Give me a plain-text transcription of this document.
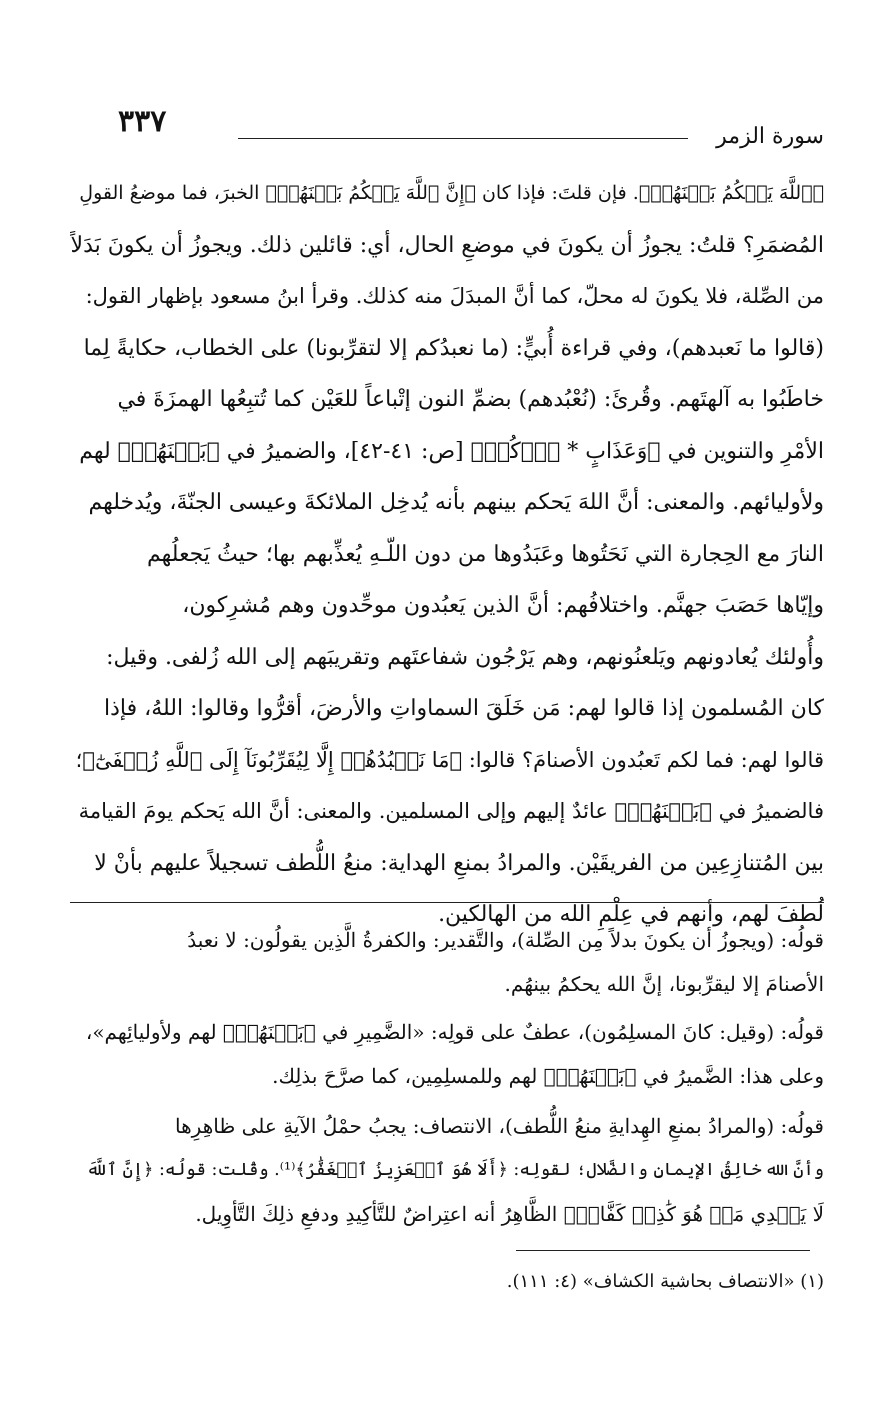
٣٣٧	سورة الزمر
﴿ٱللَّهَ يَحۡكُمُ بَيۡنَهُمۡ﴾. فإن قلتَ: فإذا كان ﴿إِنَّ ٱللَّهَ يَحۡكُمُ بَيۡنَهُمۡ﴾ الخبرَ، فما موضعُ القولِ
المُضمَرِ؟ قلتُ: يجوزُ أن يكونَ في موضعِ الحال، أي: قائلين ذلك. ويجوزُ أن يكونَ بَدَلاً
من الصِّلة، فلا يكونَ له محلّ، كما أنَّ المبدَلَ منه كذلك. وقرأ ابنُ مسعود بإظهار القول:
(قالوا ما نَعبدهم)، وفي قراءة أُبيٍّ: (ما نعبدُكم إلا لتقرِّبونا) على الخطاب، حكايةً لِما
خاطَبُوا به آلهتَهم. وقُرئَ: (نُعْبُدهم) بضمِّ النون إتْباعاً للعَيْن كما تُتبِعُها الهمزَةَ في
الأمْرِ والتنوين في ﴿وَعَذَابٍ * ٱرۡكُضۡ﴾ [ص: ٤١-٤٢]، والضميرُ في ﴿بَيۡنَهُمۡ﴾ لهم
ولأوليائهم. والمعنى: أنَّ اللهَ يَحكم بينهم بأنه يُدخِل الملائكةَ وعيسى الجنّةَ، ويُدخلهم
النارَ مع الحِجارة التي نَحَتُوها وعَبَدُوها من دون اللّـهِ يُعذِّبهم بها؛ حيثُ يَجعلُهم
وإيّاها حَصَبَ جهنَّم. واختلافُهم: أنَّ الذين يَعبُدون موحِّدون وهم مُشرِكون،
وأُولئك يُعادونهم ويَلعنُونهم، وهم يَرْجُون شفاعتَهم وتقريبَهم إلى الله زُلفى. وقيل:
كان المُسلمون إذا قالوا لهم: مَن خَلَقَ السماواتِ والأرضَ، أقرُّوا وقالوا: اللهُ، فإذا
قالوا لهم: فما لكم تَعبُدون الأصنامَ؟ قالوا: ﴿مَا نَعۡبُدُهُمۡ إِلَّا لِيُقَرِّبُونَآ إِلَى ٱللَّهِ زُلۡفَىٰٓ﴾؛
فالضميرُ في ﴿بَيۡنَهُمۡ﴾ عائدٌ إليهم وإلى المسلمين. والمعنى: أنَّ الله يَحكم يومَ القيامة
بين المُتنازِعِين من الفريقَيْن. والمرادُ بمنعِ الهداية: منعُ اللُّطف تسجيلاً عليهم بأنْ لا
لُطفَ لهم، وأنهم في عِلْمِ الله من الهالكين.
قولُه: (ويجوزُ أن يكونَ بدلاً مِن الصِّلة)، والتَّقدير: والكفرةُ الَّذِين يقولُون: لا نعبدُ
الأصنامَ إلا ليقرِّبونا، إنَّ الله يحكمُ بينهُم.
قولُه: (وقيل: كانَ المسلِمُون)، عطفٌ على قولِه: «الضَّمِيرِ في ﴿بَيۡنَهُمۡ﴾ لهم ولأوليائِهم»،
وعلى هذا: الضَّميرُ في ﴿بَيۡنَهُمۡ﴾ لهم وللمسلِمِين، كما صرَّحَ بذلِك.
قولُه: (والمرادُ بمنعِ الهِدايةِ منعُ اللُّطف)، الانتصاف: يجبُ حمْلُ الآيةِ على ظاهِرِها
وأنَّ الله خالِقُ الإيمانِ والضَّلال؛ لقولِه: ﴿أَلَا هُوَ ٱلۡعَزِيزُ ٱلۡغَفَّٰرُ﴾⁽¹⁾. وقُلت: قولُه: ﴿إِنَّ ٱللَّهَ
لَا يَهۡدِي مَنۡ هُوَ كَٰذِبٞ كَفَّارٞ﴾ الظَّاهِرُ أنه اعتِراضٌ للتَّأكِيدِ ودفعِ ذلِكَ التَّأوِيل.
(١) «الانتصاف بحاشية الكشاف» (٤: ١١١).
